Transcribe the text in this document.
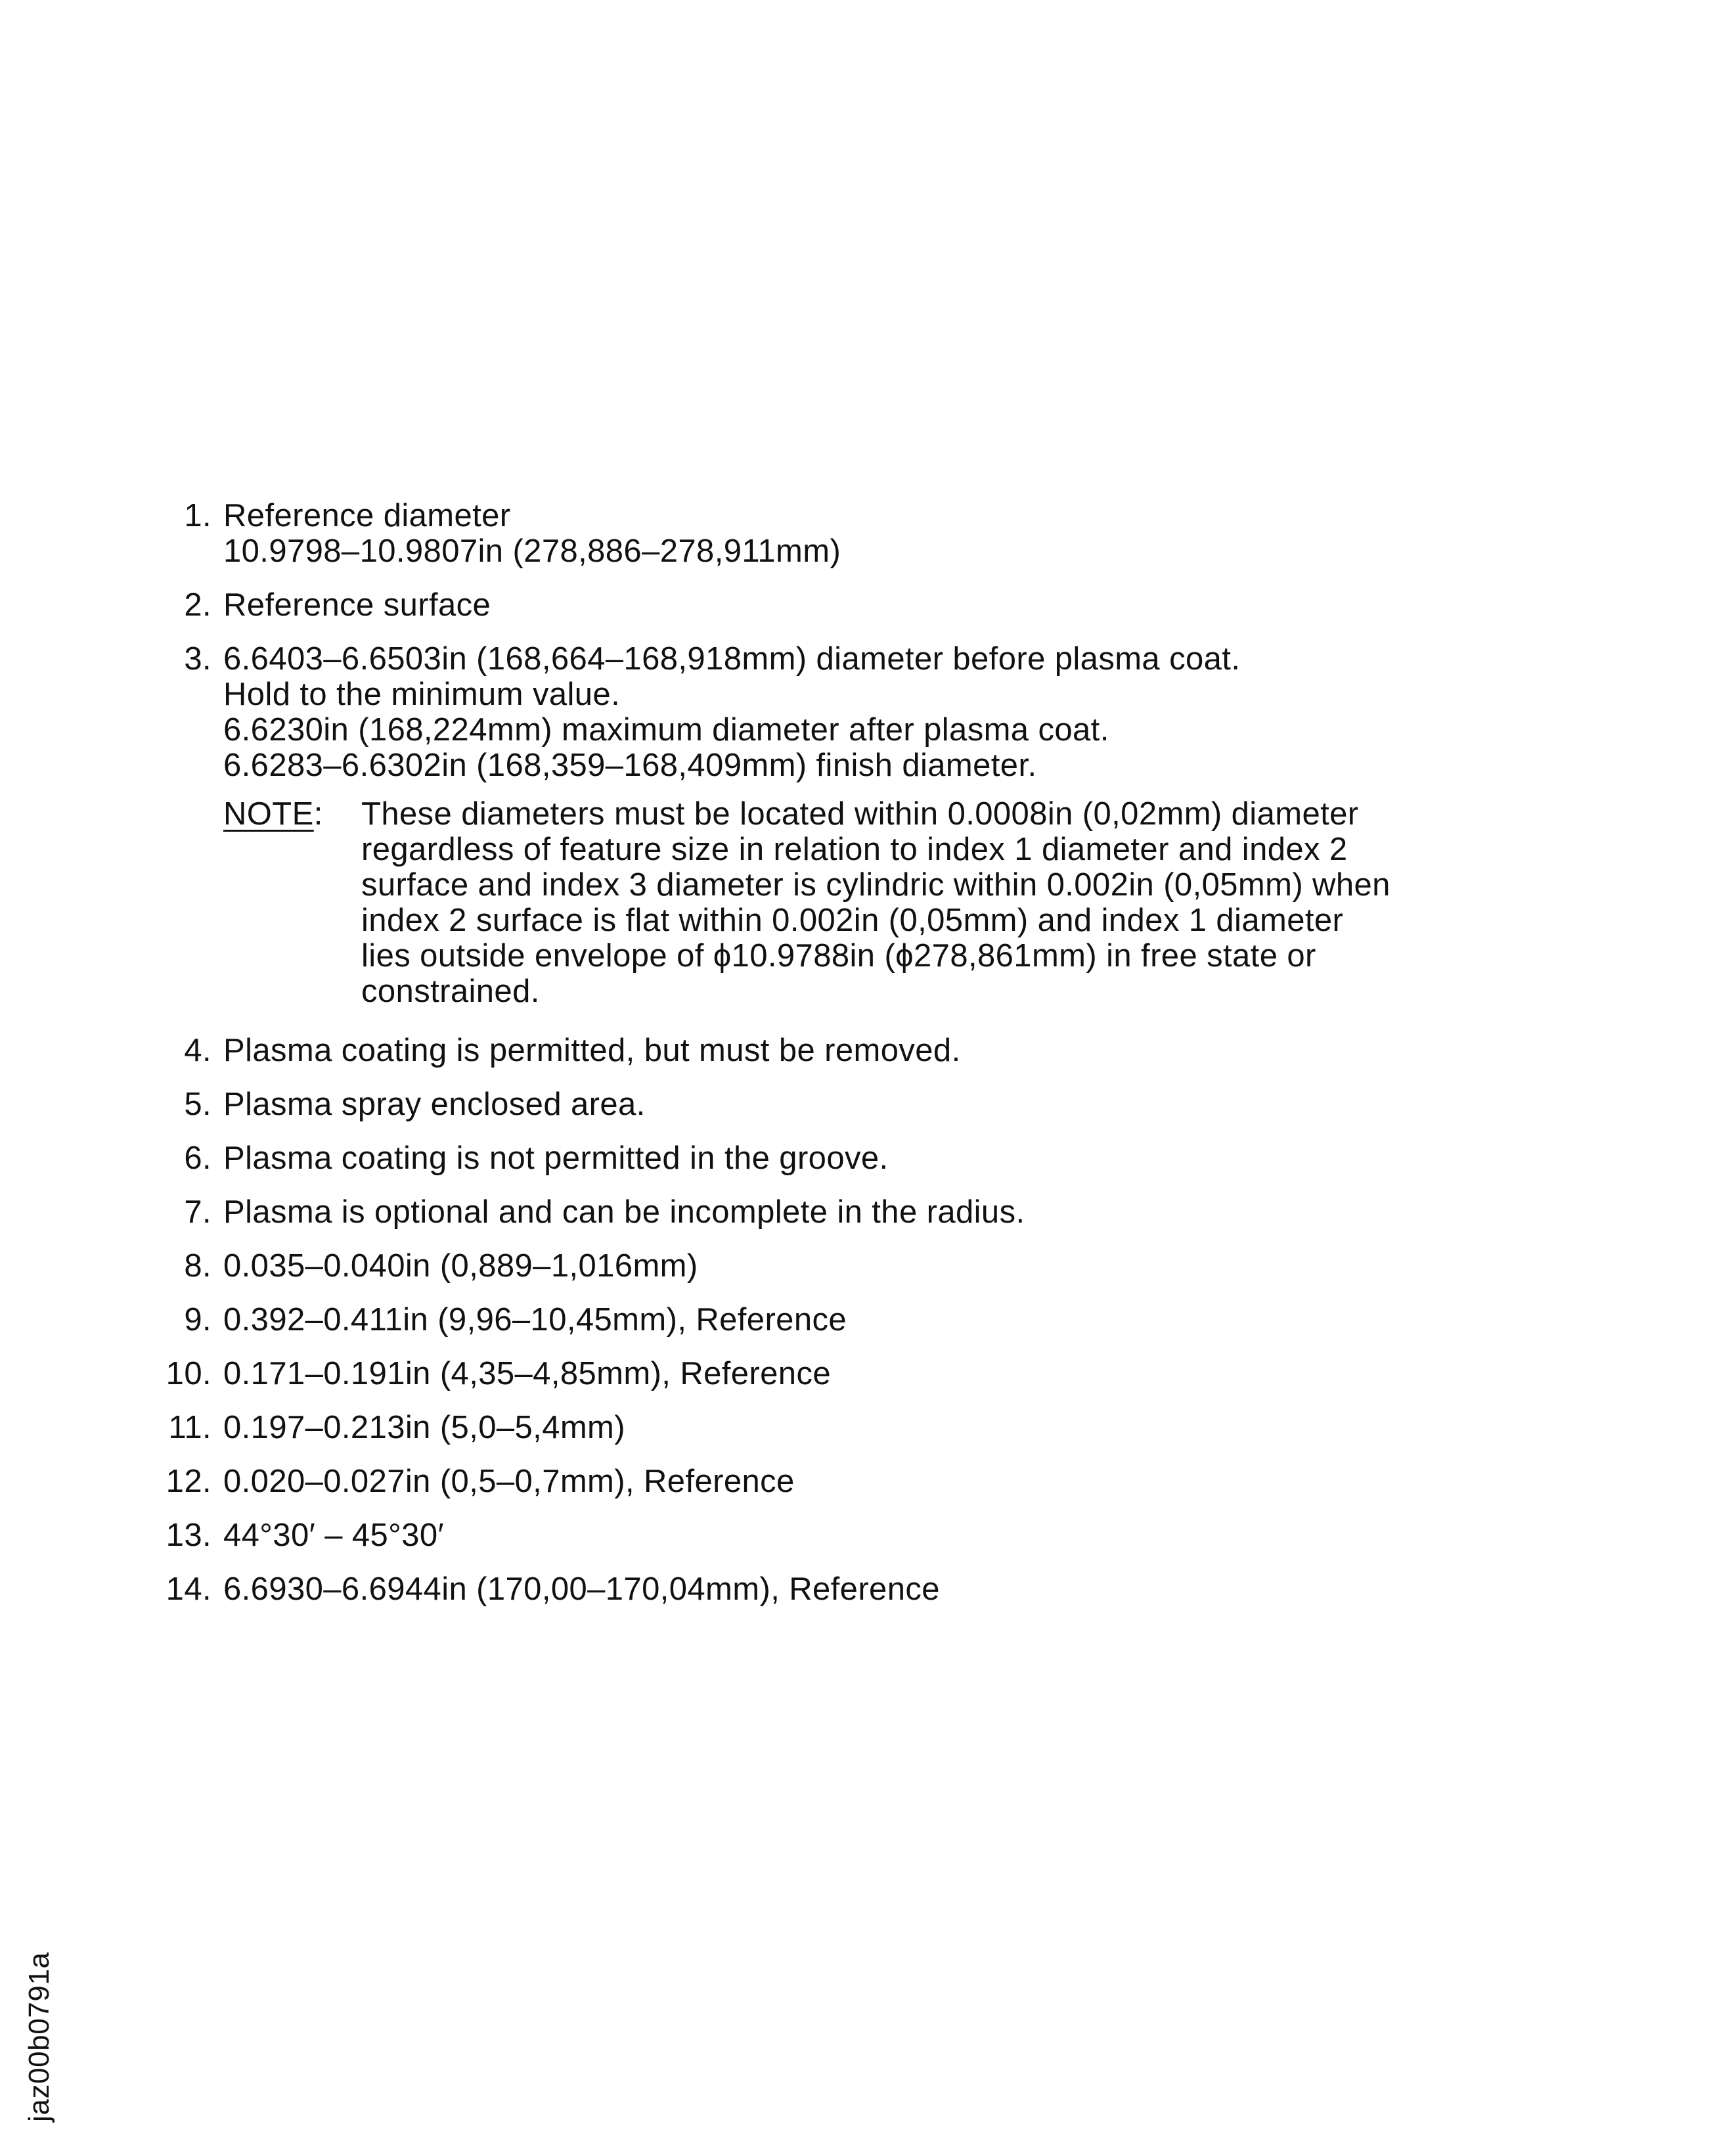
1. Reference diameter
10.9798–10.9807in (278,886–278,911mm)
2. Reference surface
3. 6.6403–6.6503in (168,664–168,918mm) diameter before plasma coat.
Hold to the minimum value.
6.6230in (168,224mm) maximum diameter after plasma coat.
6.6283–6.6302in (168,359–168,409mm) finish diameter.
NOTE:	These diameters must be located within 0.0008in (0,02mm) diameter
regardless of feature size in relation to index 1 diameter and index 2
surface and index 3 diameter is cylindric within 0.002in (0,05mm) when
index 2 surface is flat within 0.002in (0,05mm) and index 1 diameter
lies outside envelope of ϕ10.9788in (ϕ278,861mm) in free state or
constrained.
4. Plasma coating is permitted, but must be removed.
5. Plasma spray enclosed area.
6. Plasma coating is not permitted in the groove.
7. Plasma is optional and can be incomplete in the radius.
8. 0.035–0.040in (0,889–1,016mm)
9. 0.392–0.411in (9,96–10,45mm), Reference
10. 0.171–0.191in (4,35–4,85mm), Reference
11. 0.197–0.213in (5,0–5,4mm)
12. 0.020–0.027in (0,5–0,7mm), Reference
13. 44°30′ – 45°30′
14. 6.6930–6.6944in (170,00–170,04mm), Reference
jaz00b0791a
